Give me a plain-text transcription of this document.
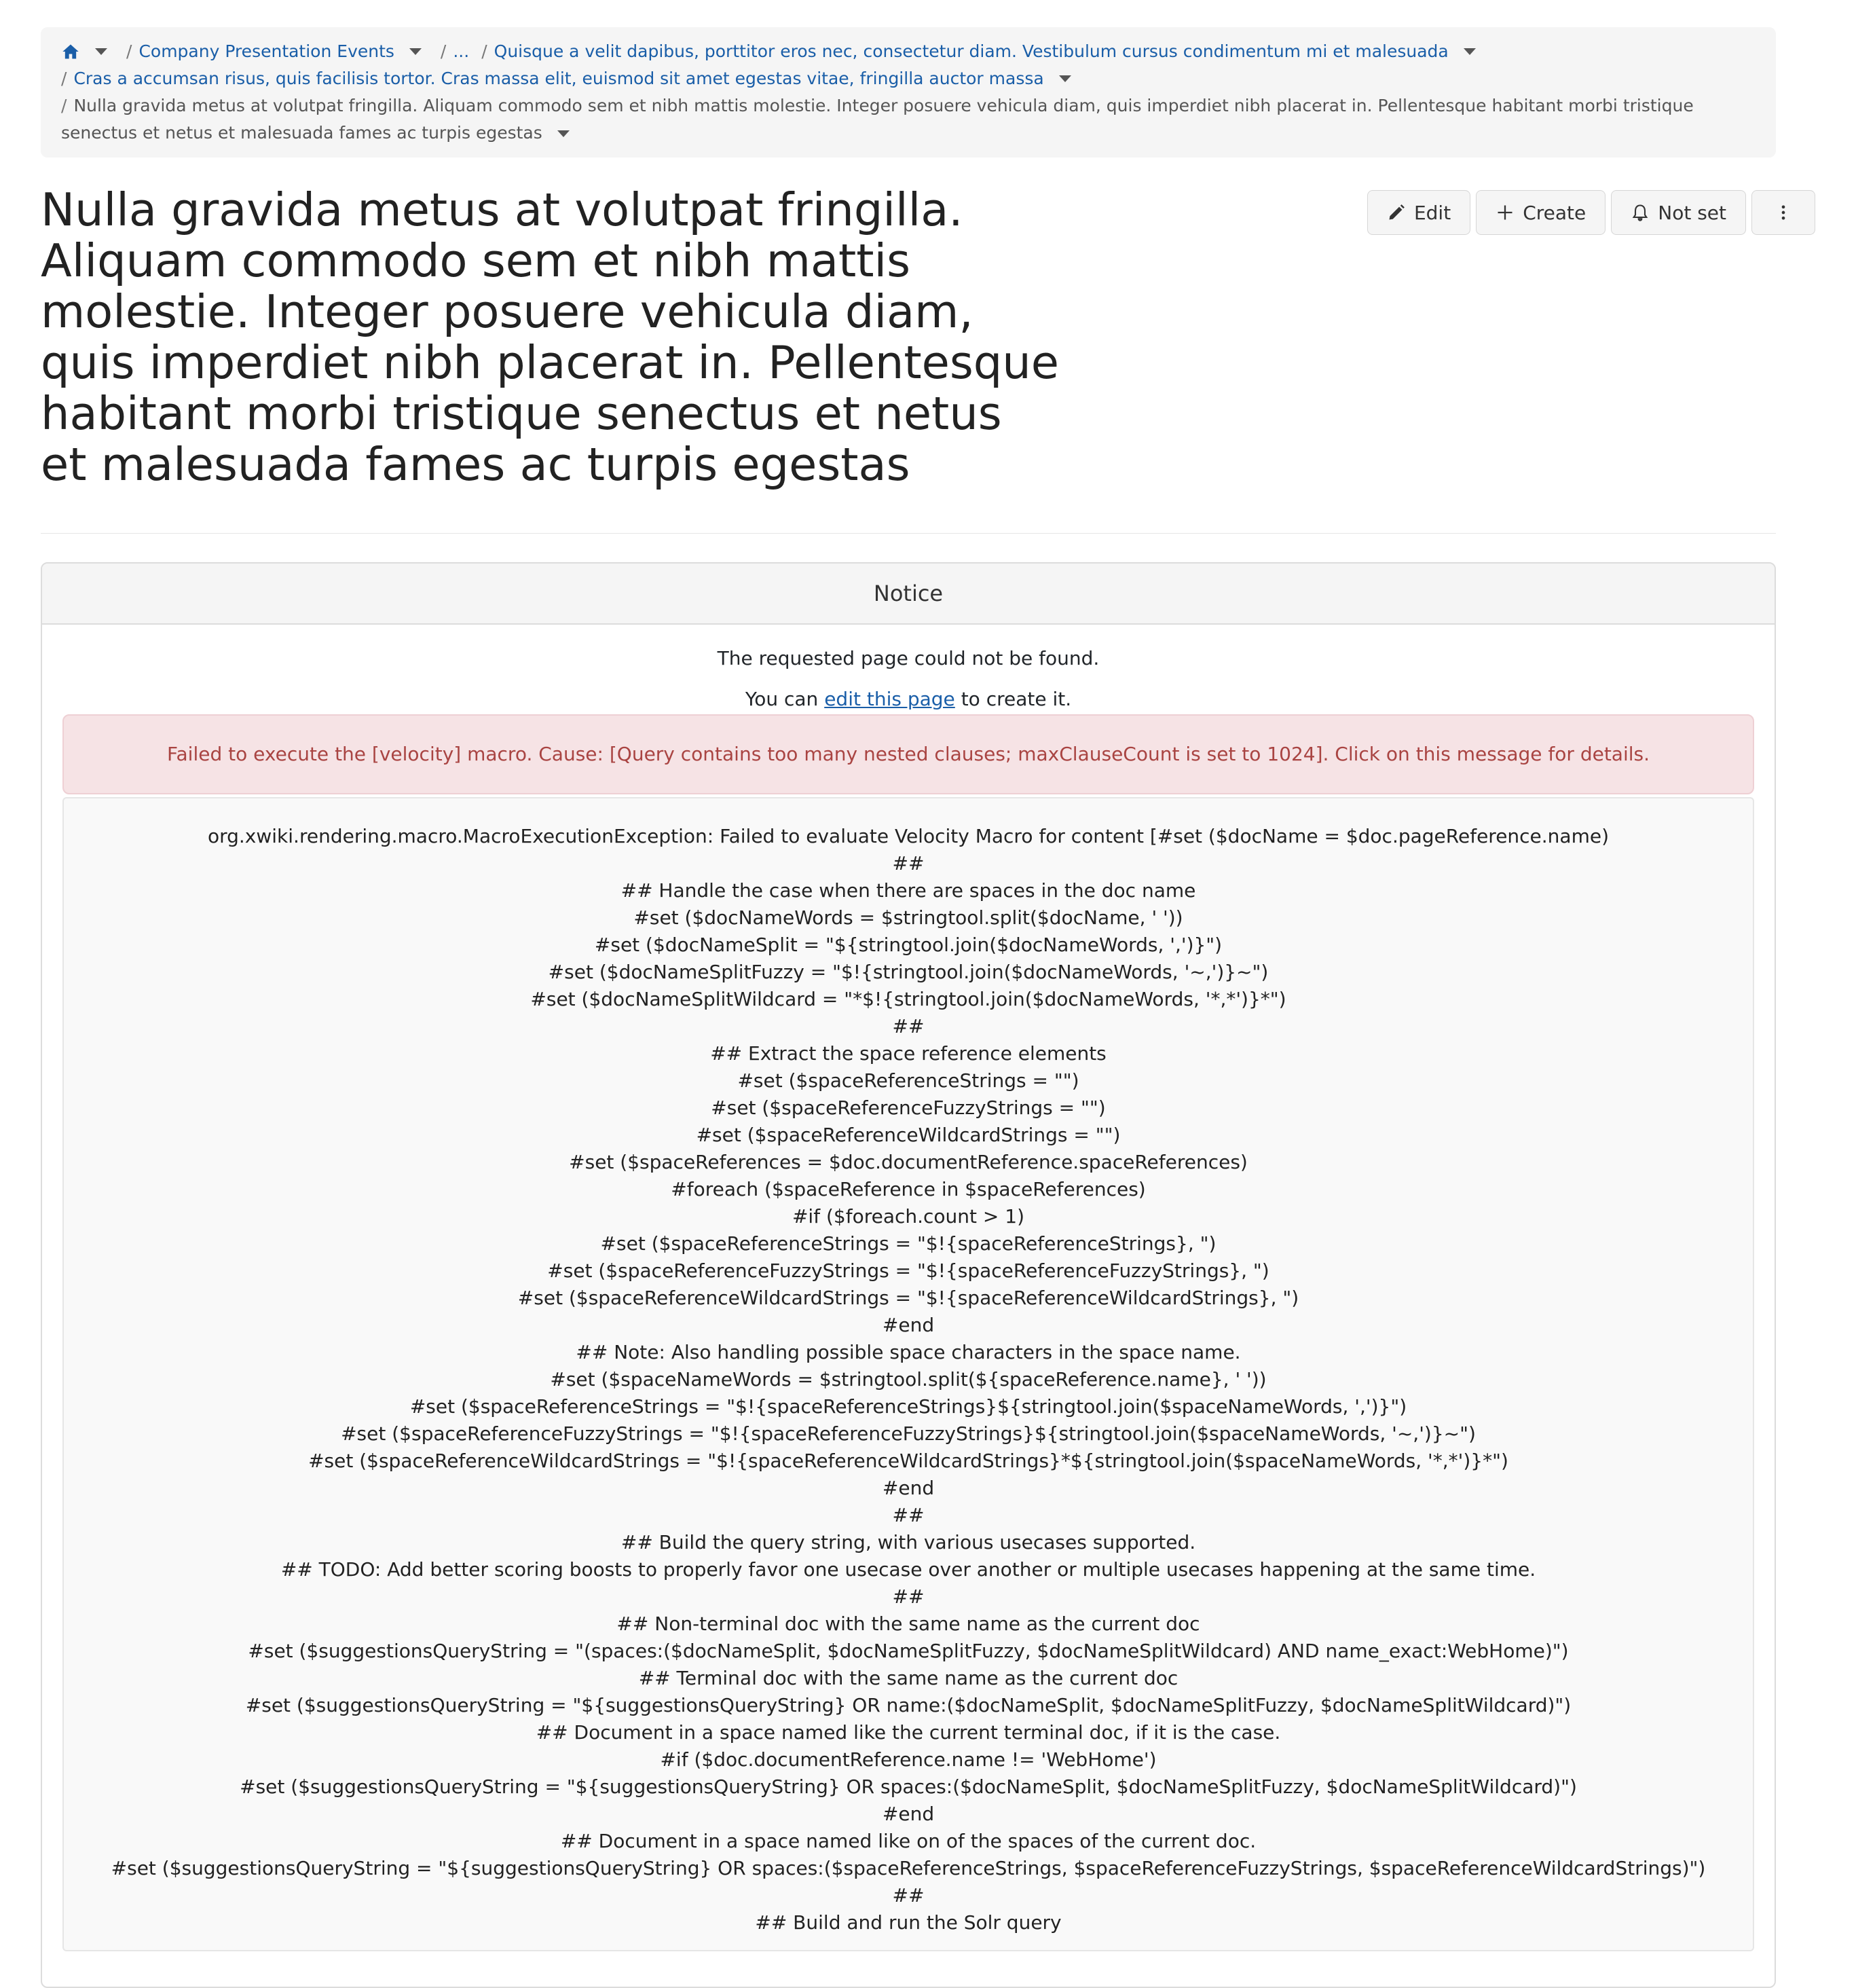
/ Company Presentation Events	/ ... / Quisque a velit dapibus, porttitor eros nec, consectetur diam. Vestibulum cursus condimentum mi et malesuada
/ Cras a accumsan risus, quis facilisis tortor. Cras massa elit, euismod sit amet egestas vitae, fringilla auctor massa
/ Nulla gravida metus at volutpat fringilla. Aliquam commodo sem et nibh mattis molestie. Integer posuere vehicula diam, quis imperdiet nibh placerat in. Pellentesque habitant morbi tristique senectus et netus et malesuada fames ac turpis egestas
Nulla gravida metus at volutpat fringilla. Aliquam commodo sem et nibh mattis molestie. Integer posuere vehicula diam, quis imperdiet nibh placerat in. Pellentesque habitant morbi tristique senectus et netus et malesuada fames ac turpis egestas
Edit	Create	Not set
Notice
The requested page could not be found.
You can edit this page to create it.
Failed to execute the [velocity] macro. Cause: [Query contains too many nested clauses; maxClauseCount is set to 1024]. Click on this message for details.
org.xwiki.rendering.macro.MacroExecutionException: Failed to evaluate Velocity Macro for content [#set ($docName = $doc.pageReference.name)
##
## Handle the case when there are spaces in the doc name
#set ($docNameWords = $stringtool.split($docName, ' '))
#set ($docNameSplit = "${stringtool.join($docNameWords, ',')}")
#set ($docNameSplitFuzzy = "$!{stringtool.join($docNameWords, '~,')}~")
#set ($docNameSplitWildcard = "*$!{stringtool.join($docNameWords, '*,*')}*")
##
## Extract the space reference elements
#set ($spaceReferenceStrings = "")
#set ($spaceReferenceFuzzyStrings = "")
#set ($spaceReferenceWildcardStrings = "")
#set ($spaceReferences = $doc.documentReference.spaceReferences)
#foreach ($spaceReference in $spaceReferences)
#if ($foreach.count > 1)
#set ($spaceReferenceStrings = "$!{spaceReferenceStrings}, ")
#set ($spaceReferenceFuzzyStrings = "$!{spaceReferenceFuzzyStrings}, ")
#set ($spaceReferenceWildcardStrings = "$!{spaceReferenceWildcardStrings}, ")
#end
## Note: Also handling possible space characters in the space name.
#set ($spaceNameWords = $stringtool.split(${spaceReference.name}, ' '))
#set ($spaceReferenceStrings = "$!{spaceReferenceStrings}${stringtool.join($spaceNameWords, ',')}")
#set ($spaceReferenceFuzzyStrings = "$!{spaceReferenceFuzzyStrings}${stringtool.join($spaceNameWords, '~,')}~")
#set ($spaceReferenceWildcardStrings = "$!{spaceReferenceWildcardStrings}*${stringtool.join($spaceNameWords, '*,*')}*")
#end
##
## Build the query string, with various usecases supported.
## TODO: Add better scoring boosts to properly favor one usecase over another or multiple usecases happening at the same time.
##
## Non-terminal doc with the same name as the current doc
#set ($suggestionsQueryString = "(spaces:($docNameSplit, $docNameSplitFuzzy, $docNameSplitWildcard) AND name_exact:WebHome)")
## Terminal doc with the same name as the current doc
#set ($suggestionsQueryString = "${suggestionsQueryString} OR name:($docNameSplit, $docNameSplitFuzzy, $docNameSplitWildcard)")
## Document in a space named like the current terminal doc, if it is the case.
#if ($doc.documentReference.name != 'WebHome')
#set ($suggestionsQueryString = "${suggestionsQueryString} OR spaces:($docNameSplit, $docNameSplitFuzzy, $docNameSplitWildcard)")
#end
## Document in a space named like on of the spaces of the current doc.
#set ($suggestionsQueryString = "${suggestionsQueryString} OR spaces:($spaceReferenceStrings, $spaceReferenceFuzzyStrings, $spaceReferenceWildcardStrings)")
##
## Build and run the Solr query
